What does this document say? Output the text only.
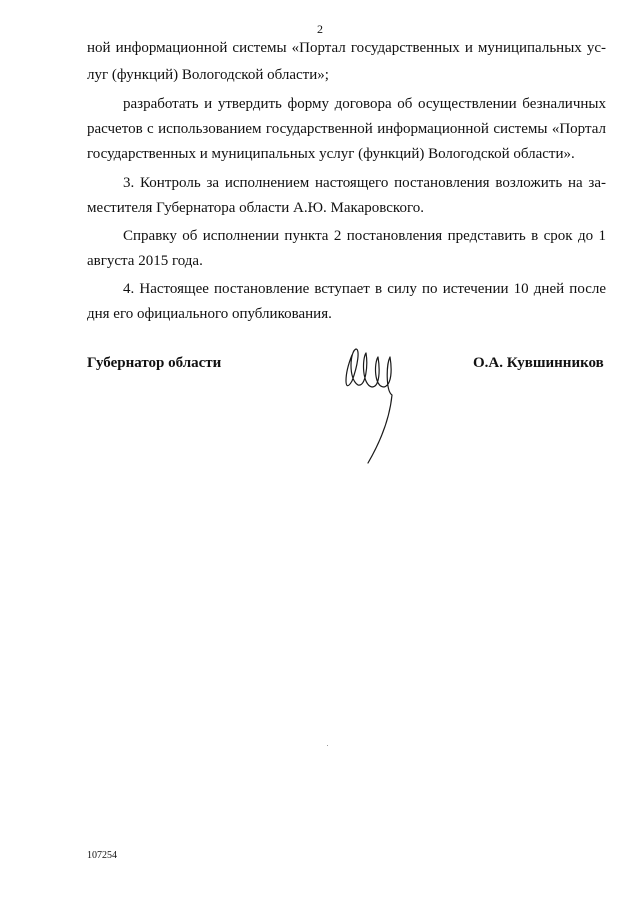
2
ной информационной системы «Портал государственных и муниципальных ус-
луг (функций) Вологодской области»;
разработать и утвердить форму договора об осуществлении безналичных
расчетов с использованием государственной информационной системы «Портал
государственных и муниципальных услуг (функций) Вологодской области».
3. Контроль за исполнением настоящего постановления возложить на за-
местителя Губернатора области А.Ю. Макаровского.
Справку об исполнении пункта 2 постановления представить в срок до 1
августа 2015 года.
4. Настоящее постановление вступает в силу по истечении 10 дней после
дня его официального опубликования.
Губернатор области	О.А. Кувшинников
107254
